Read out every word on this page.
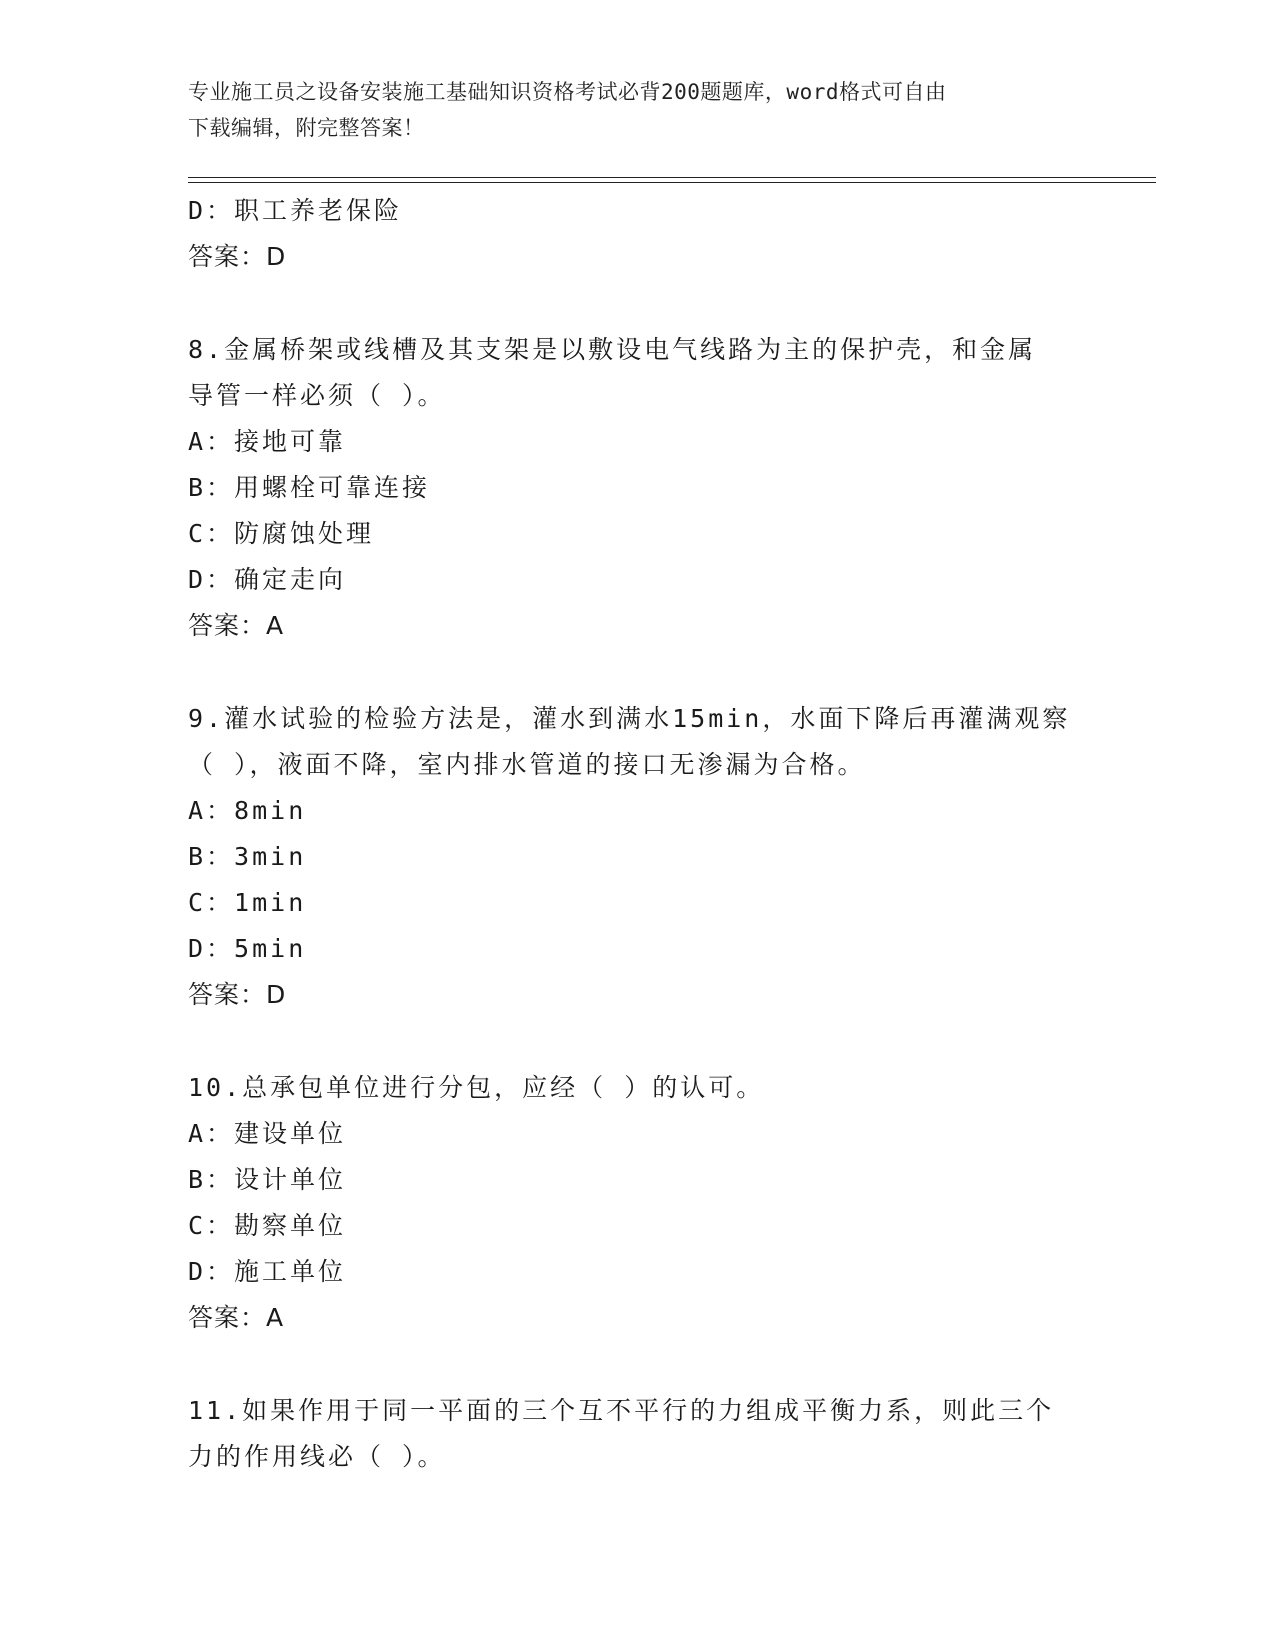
专业施工员之设备安装施工基础知识资格考试必背200题题库，word格式可自由
下载编辑，附完整答案！
D：职工养老保险
答案：D
8.金属桥架或线槽及其支架是以敷设电气线路为主的保护壳，和金属
导管一样必须（ ）。
A：接地可靠
B：用螺栓可靠连接
C：防腐蚀处理
D：确定走向
答案：A
9.灌水试验的检验方法是，灌水到满水15min，水面下降后再灌满观察
（ ），液面不降，室内排水管道的接口无渗漏为合格。
A：8min
B：3min
C：1min
D：5min
答案：D
10.总承包单位进行分包，应经（ ）的认可。
A：建设单位
B：设计单位
C：勘察单位
D：施工单位
答案：A
11.如果作用于同一平面的三个互不平行的力组成平衡力系，则此三个
力的作用线必（ ）。
